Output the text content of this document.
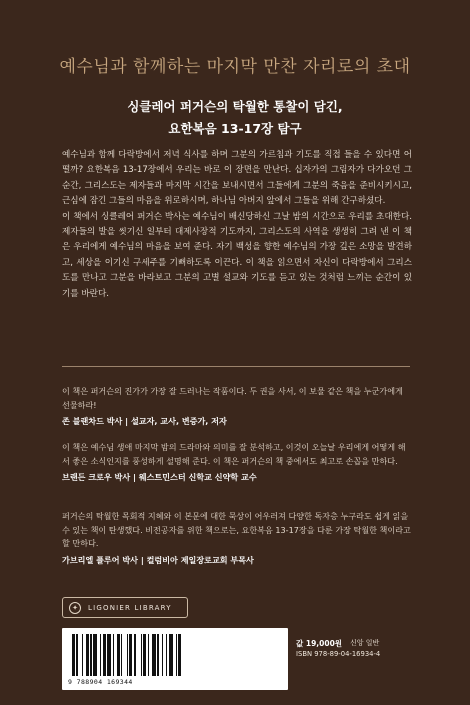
예수님과 함께하는 마지막 만찬 자리로의 초대
싱클레어 퍼거슨의 탁월한 통찰이 담긴,
요한복음 13-17장 탐구

예수님과 함께 다락방에서 저녁 식사를 하며 그분의 가르침과 기도를 직접 들을 수 있다면 어떨까? 요한복음 13-17장에서 우리는 바로 이 장면을 만난다. 십자가의 그림자가 다가오던 그 순간, 그리스도는 제자들과 마지막 시간을 보내시면서 그들에게 그분의 죽음을 준비시키시고, 근심에 잠긴 그들의 마음을 위로하시며, 하나님 아버지 앞에서 그들을 위해 간구하셨다.

이 책에서 싱클레어 퍼거슨 박사는 예수님이 배신당하신 그날 밤의 시간으로 우리를 초대한다. 제자들의 발을 씻기신 일부터 대제사장적 기도까지, 그리스도의 사역을 생생히 그려 낸 이 책은 우리에게 예수님의 마음을 보여 준다. 자기 백성을 향한 예수님의 가장 깊은 소망을 발견하고, 세상을 이기신 구세주를 기뻐하도록 이끈다. 이 책을 읽으면서 자신이 다락방에서 그리스도를 만나고 그분을 바라보고 그분의 고별 설교와 기도를 듣고 있는 것처럼 느끼는 순간이 있기를 바란다.

이 책은 퍼거슨의 진가가 가장 잘 드러나는 작품이다. 두 권을 사서, 이 보물 같은 책을 누군가에게 선물하라!
존 블랜차드 박사 | 설교자, 교사, 변증가, 저자
이 책은 예수님 생애 마지막 밤의 드라마와 의미를 잘 분석하고, 이것이 오늘날 우리에게 어떻게 해서 좋은 소식인지를 풍성하게 설명해 준다. 이 책은 퍼거슨의 책 중에서도 최고로 손꼽을 만하다.
브랜든 크로우 박사 | 웨스트민스터 신학교 신약학 교수
퍼거슨의 탁월한 목회적 지혜와 이 본문에 대한 묵상이 어우러져 다양한 독자층 누구라도 쉽게 읽을 수 있는 책이 탄생했다. 비전공자를 위한 책으로는, 요한복음 13-17장을 다룬 가장 탁월한 책이라고 할 만하다.
가브리엘 플루어 박사 | 컬럼비아 제일장로교회 부목사
✦	LIGONIER LIBRARY
9 788904 169344
값 19,000원 신앙 일반
ISBN 978-89-04-16934-4
